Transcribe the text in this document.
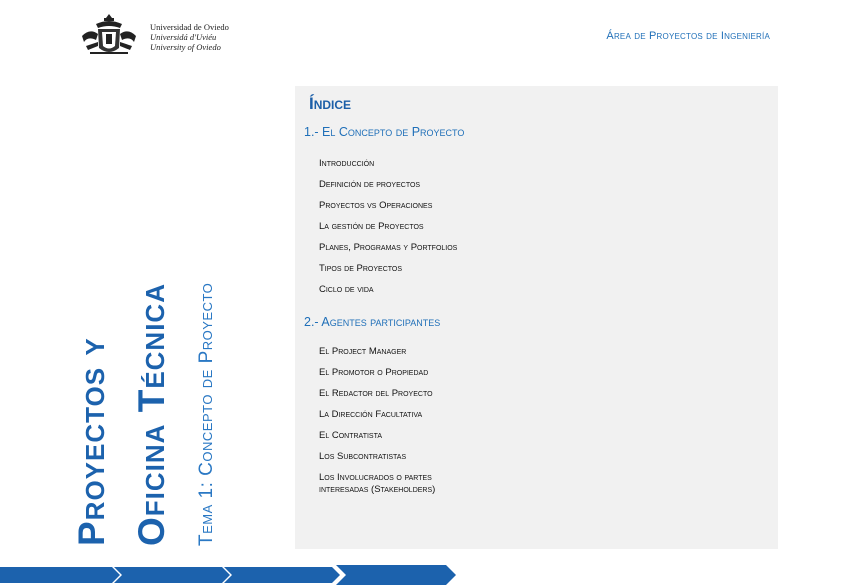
Universidad de Oviedo
Universidá d'Uviéu
University of Oviedo
Área de Proyectos de Ingeniería
Proyectos y Oficina Técnica Tema 1: Concepto de Proyecto
Índice
1.- El Concepto de Proyecto
Introducción
Definición de proyectos
Proyectos vs Operaciones
La gestión de Proyectos
Planes, Programas y Portfolios
Tipos de Proyectos
Ciclo de vida
2.- Agentes participantes
El Project Manager
El Promotor o Propiedad
El Redactor del Proyecto
La Dirección Facultativa
El Contratista
Los Subcontratistas
Los Involucrados o partes
interesadas (Stakeholders)
